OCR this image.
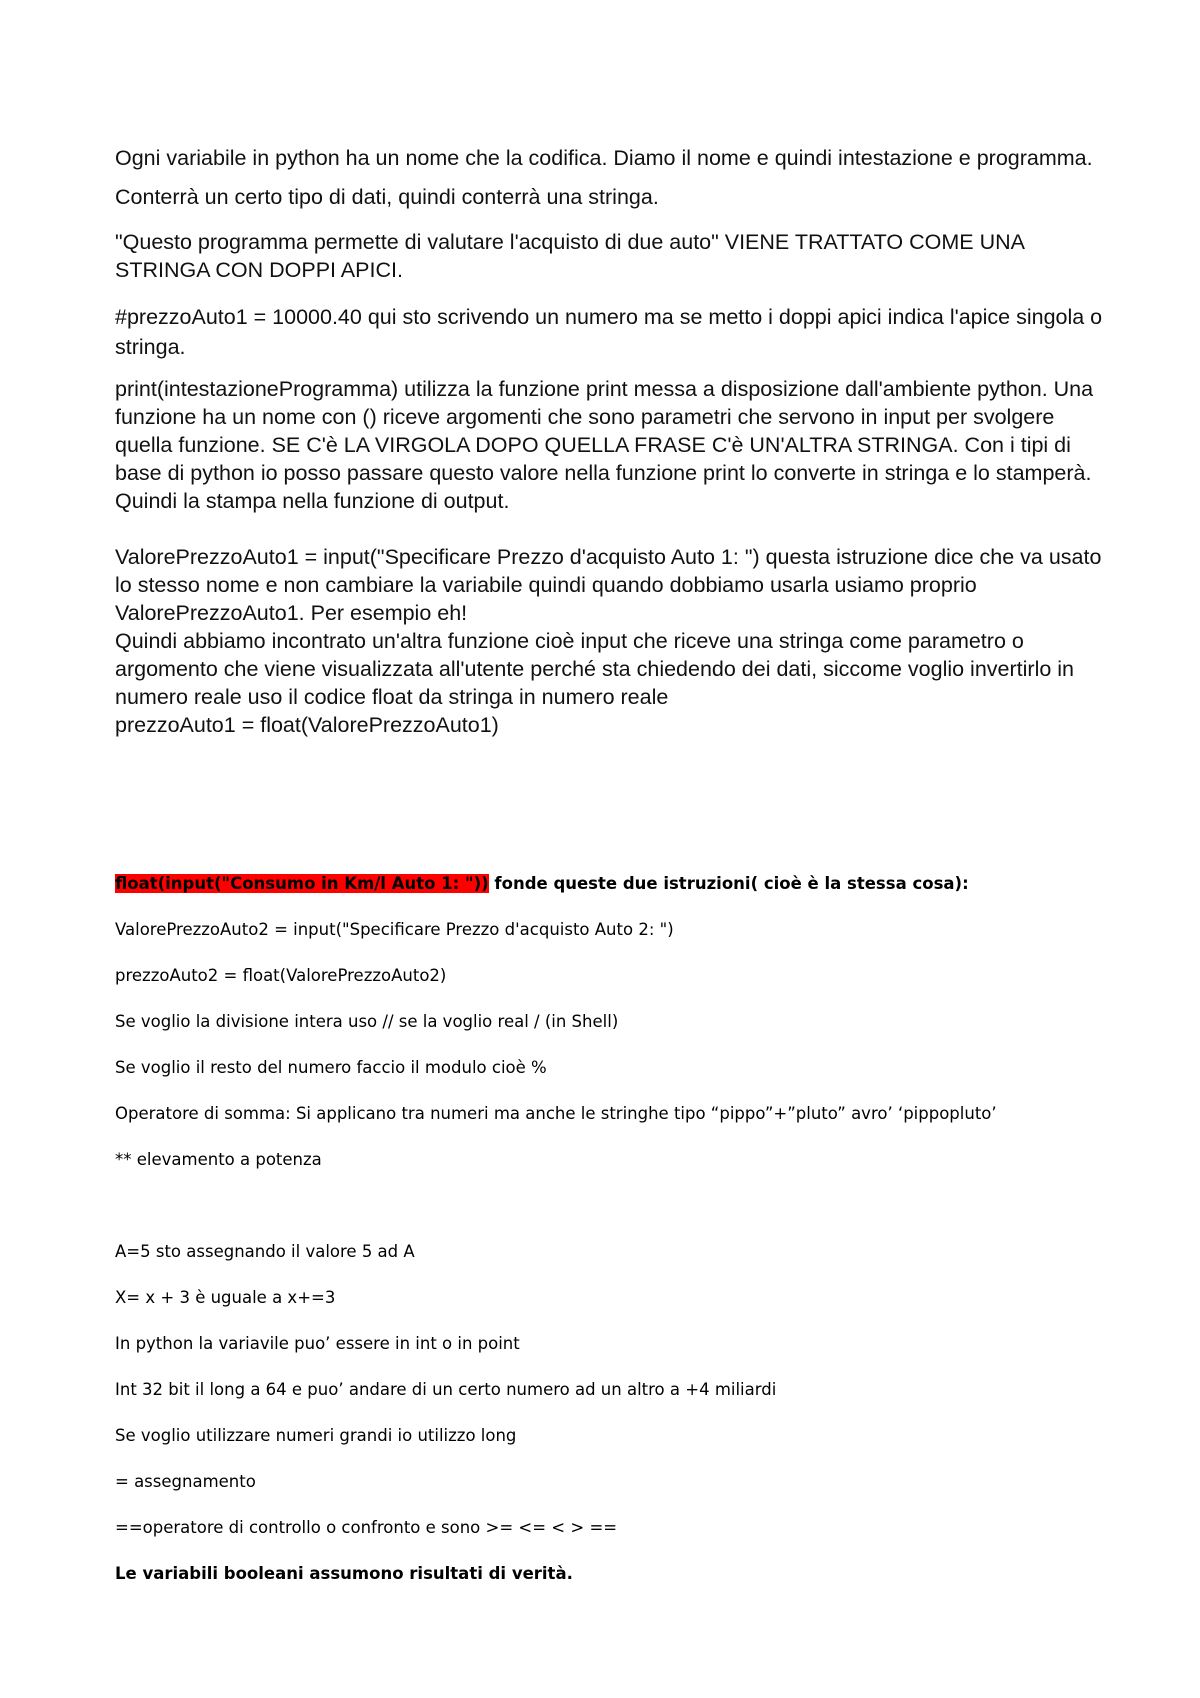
Ogni variabile in python ha un nome che la codifica. Diamo il nome e quindi intestazione e programma.

Conterrà un certo tipo di dati, quindi conterrà una stringa.

"Questo programma permette di valutare l'acquisto di due auto" VIENE TRATTATO COME UNA STRINGA CON DOPPI APICI.

#prezzoAuto1 = 10000.40 qui sto scrivendo un numero ma se metto i doppi apici indica l'apice singola o stringa.

print(intestazioneProgramma) utilizza la funzione print messa a disposizione dall'ambiente python. Una funzione ha un nome con () riceve argomenti che sono parametri che servono in input per svolgere quella funzione. SE C'è LA VIRGOLA DOPO QUELLA FRASE C'è UN'ALTRA STRINGA. Con i tipi di base di python io posso passare questo valore nella funzione print lo converte in stringa e lo stamperà. Quindi la stampa nella funzione di output.

ValorePrezzoAuto1 = input("Specificare Prezzo d'acquisto Auto 1: ") questa istruzione dice che va usato lo stesso nome e non cambiare la variabile quindi quando dobbiamo usarla usiamo proprio ValorePrezzoAuto1. Per esempio eh!

Quindi abbiamo incontrato un'altra funzione cioè input che riceve una stringa come parametro o argomento che viene visualizzata all'utente perché sta chiedendo dei dati, siccome voglio invertirlo in numero reale uso il codice float da stringa in numero reale

prezzoAuto1 = float(ValorePrezzoAuto1)

float(input("Consumo in Km/l Auto 1: ")) fonde queste due istruzioni( cioè è la stessa cosa):
ValorePrezzoAuto2 = input("Specificare Prezzo d'acquisto Auto 2: ")
prezzoAuto2 = float(ValorePrezzoAuto2)
Se voglio la divisione intera uso // se la voglio real / (in Shell)
Se voglio il resto del numero faccio il modulo cioè %
Operatore di somma: Si applicano tra numeri ma anche le stringhe tipo “pippo”+”pluto” avro’ ‘pippopluto’
** elevamento a potenza
A=5 sto assegnando il valore 5 ad A
X= x + 3 è uguale a x+=3
In python la variavile puo’ essere in int o in point
Int 32 bit il long a 64 e puo’ andare di un certo numero ad un altro a +4 miliardi
Se voglio utilizzare numeri grandi io utilizzo long
= assegnamento
==operatore di controllo o confronto e sono >= <= < > ==
Le variabili booleani assumono risultati di verità.
